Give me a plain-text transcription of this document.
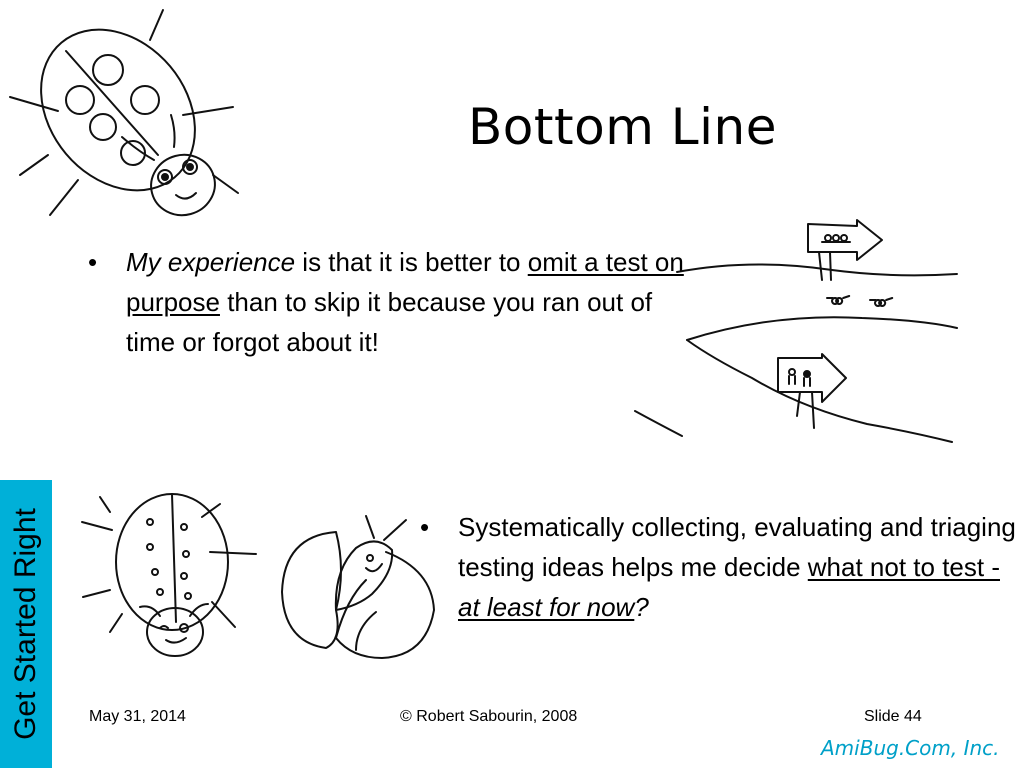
Bottom Line
• My experience is that it is better to omit a test on purpose than to skip it because you ran out of time or forgot about it!
• Systematically collecting, evaluating and triaging testing ideas helps me decide what not to test - at least for now?
Get Started Right	May 31, 2014	© Robert Sabourin, 2008	Slide 44
AmiBug.Com, Inc.
